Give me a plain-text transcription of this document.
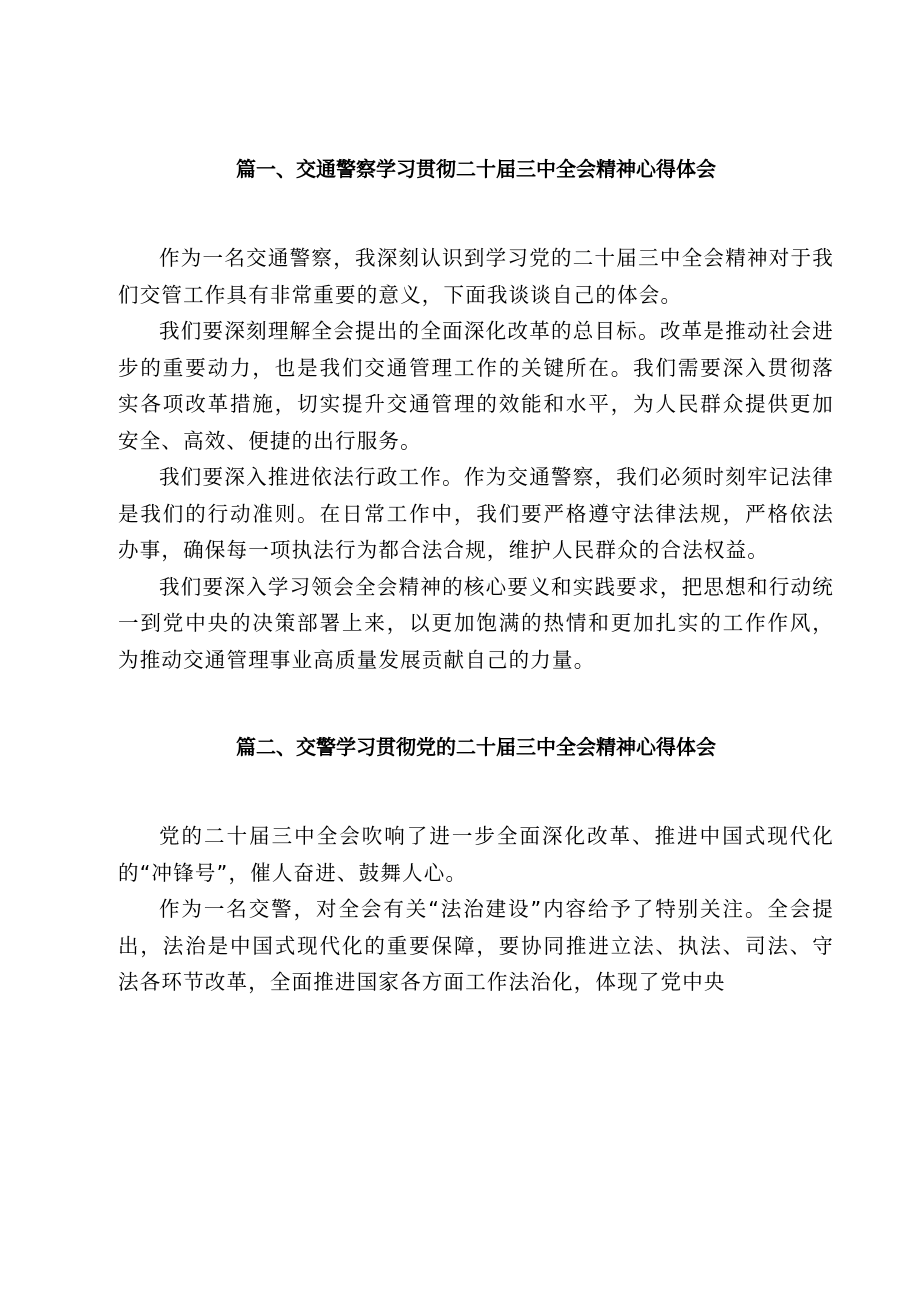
篇一、交通警察学习贯彻二十届三中全会精神心得体会

作为一名交通警察，我深刻认识到学习党的二十届三中全会精神对于我们交管工作具有非常重要的意义，下面我谈谈自己的体会。

我们要深刻理解全会提出的全面深化改革的总目标。改革是推动社会进步的重要动力，也是我们交通管理工作的关键所在。我们需要深入贯彻落实各项改革措施，切实提升交通管理的效能和水平，为人民群众提供更加安全、高效、便捷的出行服务。

我们要深入推进依法行政工作。作为交通警察，我们必须时刻牢记法律是我们的行动准则。在日常工作中，我们要严格遵守法律法规，严格依法办事，确保每一项执法行为都合法合规，维护人民群众的合法权益。

我们要深入学习领会全会精神的核心要义和实践要求，把思想和行动统一到党中央的决策部署上来，以更加饱满的热情和更加扎实的工作作风，为推动交通管理事业高质量发展贡献自己的力量。

篇二、交警学习贯彻党的二十届三中全会精神心得体会

党的二十届三中全会吹响了进一步全面深化改革、推进中国式现代化的“冲锋号”，催人奋进、鼓舞人心。

作为一名交警，对全会有关“法治建设”内容给予了特别关注。全会提出，法治是中国式现代化的重要保障，要协同推进立法、执法、司法、守法各环节改革，全面推进国家各方面工作法治化，体现了党中央
